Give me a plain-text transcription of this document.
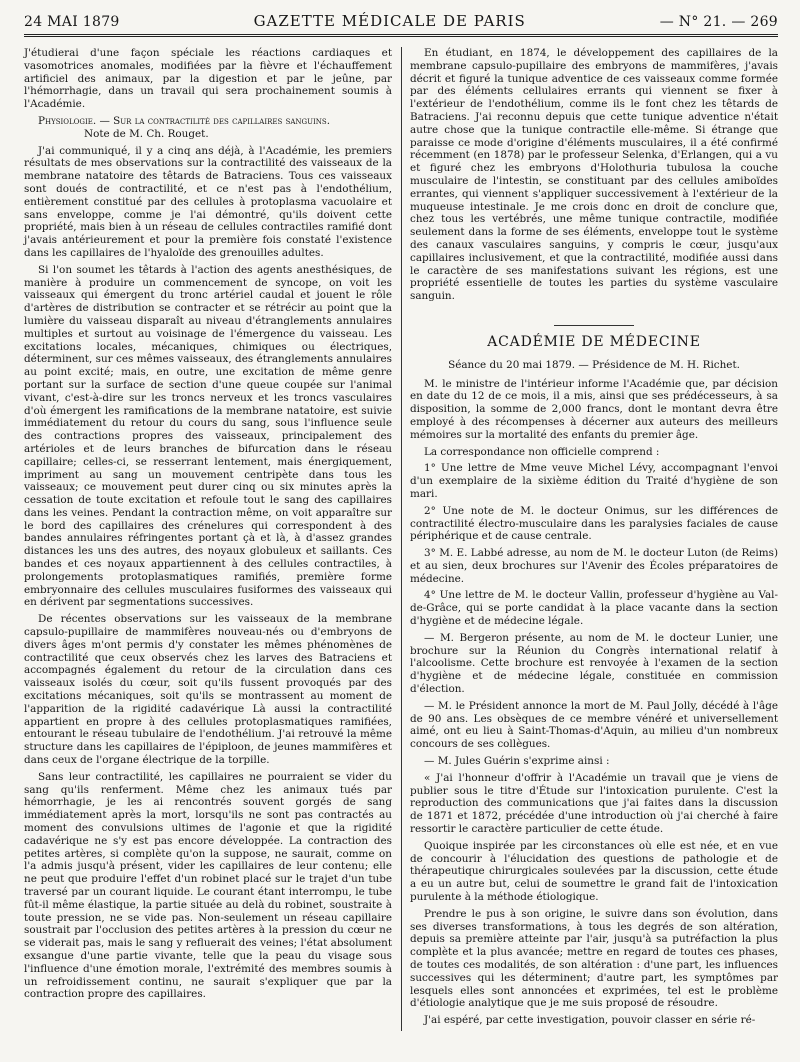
24 MAI 1879	GAZETTE MÉDICALE DE PARIS	— N° 21. — 269

J'étudierai d'une façon spéciale les réactions cardiaques et vasomotrices anomales, modifiées par la fièvre et l'échauffement artificiel des animaux, par la digestion et par le jeûne, par l'hémorrhagie, dans un travail qui sera prochainement soumis à l'Académie.

Physiologie. — Sur la contractilité des capillaires sanguins.
Note de M. Ch. Rouget.

J'ai communiqué, il y a cinq ans déjà, à l'Académie, les premiers résultats de mes observations sur la contractilité des vaisseaux de la membrane natatoire des têtards de Batraciens. Tous ces vaisseaux sont doués de contractilité, et ce n'est pas à l'endothélium, entièrement constitué par des cellules à protoplasma vacuolaire et sans enveloppe, comme je l'ai démontré, qu'ils doivent cette propriété, mais bien à un réseau de cellules contractiles ramifié dont j'avais antérieurement et pour la première fois constaté l'existence dans les capillaires de l'hyaloïde des grenouilles adultes.

Si l'on soumet les têtards à l'action des agents anesthésiques, de manière à produire un commencement de syncope, on voit les vaisseaux qui émergent du tronc artériel caudal et jouent le rôle d'artères de distribution se contracter et se rétrécir au point que la lumière du vaisseau disparaît au niveau d'étranglements annulaires multiples et surtout au voisinage de l'émergence du vaisseau. Les excitations locales, mécaniques, chimiques ou électriques, déterminent, sur ces mêmes vaisseaux, des étranglements annulaires au point excité; mais, en outre, une excitation de même genre portant sur la surface de section d'une queue coupée sur l'animal vivant, c'est-à-dire sur les troncs nerveux et les troncs vasculaires d'où émergent les ramifications de la membrane natatoire, est suivie immédiatement du retour du cours du sang, sous l'influence seule des contractions propres des vaisseaux, principalement des artérioles et de leurs branches de bifurcation dans le réseau capillaire; celles-ci, se resserrant lentement, mais énergiquement, impriment au sang un mouvement centripète dans tous les vaisseaux; ce mouvement peut durer cinq ou six minutes après la cessation de toute excitation et refoule tout le sang des capillaires dans les veines. Pendant la contraction même, on voit apparaître sur le bord des capillaires des crénelures qui correspondent à des bandes annulaires réfringentes portant çà et là, à d'assez grandes distances les uns des autres, des noyaux globuleux et saillants. Ces bandes et ces noyaux appartiennent à des cellules contractiles, à prolongements protoplasmatiques ramifiés, première forme embryonnaire des cellules musculaires fusiformes des vaisseaux qui en dérivent par segmentations successives.

De récentes observations sur les vaisseaux de la membrane capsulo-pupillaire de mammifères nouveau-nés ou d'embryons de divers âges m'ont permis d'y constater les mêmes phénomènes de contractilité que ceux observés chez les larves des Batraciens et accompagnés également du retour de la circulation dans ces vaisseaux isolés du cœur, soit qu'ils fussent provoqués par des excitations mécaniques, soit qu'ils se montrassent au moment de l'apparition de la rigidité cadavérique Là aussi la contractilité appartient en propre à des cellules protoplasmatiques ramifiées, entourant le réseau tubulaire de l'endothélium. J'ai retrouvé la même structure dans les capillaires de l'épiploon, de jeunes mammifères et dans ceux de l'organe électrique de la torpille.

Sans leur contractilité, les capillaires ne pourraient se vider du sang qu'ils renferment. Même chez les animaux tués par hémorrhagie, je les ai rencontrés souvent gorgés de sang immédiatement après la mort, lorsqu'ils ne sont pas contractés au moment des convulsions ultimes de l'agonie et que la rigidité cadavérique ne s'y est pas encore développée. La contraction des petites artères, si complète qu'on la suppose, ne saurait, comme on l'a admis jusqu'à présent, vider les capillaires de leur contenu; elle ne peut que produire l'effet d'un robinet placé sur le trajet d'un tube traversé par un courant liquide. Le courant étant interrompu, le tube fût-il même élastique, la partie située au delà du robinet, soustraite à toute pression, ne se vide pas. Non-seulement un réseau capillaire soustrait par l'occlusion des petites artères à la pression du cœur ne se viderait pas, mais le sang y refluerait des veines; l'état absolument exsangue d'une partie vivante, telle que la peau du visage sous l'influence d'une émotion morale, l'extrémité des membres soumis à un refroidissement continu, ne saurait s'expliquer que par la contraction propre des capillaires.

En étudiant, en 1874, le développement des capillaires de la membrane capsulo-pupillaire des embryons de mammifères, j'avais décrit et figuré la tunique adventice de ces vaisseaux comme formée par des éléments cellulaires errants qui viennent se fixer à l'extérieur de l'endothélium, comme ils le font chez les têtards de Batraciens. J'ai reconnu depuis que cette tunique adventice n'était autre chose que la tunique contractile elle-même. Si étrange que paraisse ce mode d'origine d'éléments musculaires, il a été confirmé récemment (en 1878) par le professeur Selenka, d'Erlangen, qui a vu et figuré chez les embryons d'Holothuria tubulosa la couche musculaire de l'intestin, se constituant par des cellules amiboïdes errantes, qui viennent s'appliquer successivement à l'extérieur de la muqueuse intestinale. Je me crois donc en droit de conclure que, chez tous les vertébrés, une même tunique contractile, modifiée seulement dans la forme de ses éléments, enveloppe tout le système des canaux vasculaires sanguins, y compris le cœur, jusqu'aux capillaires inclusivement, et que la contractilité, modifiée aussi dans le caractère de ses manifestations suivant les régions, est une propriété essentielle de toutes les parties du système vasculaire sanguin.

ACADÉMIE DE MÉDECINE
Séance du 20 mai 1879. — Présidence de M. H. Richet.

M. le ministre de l'intérieur informe l'Académie que, par décision en date du 12 de ce mois, il a mis, ainsi que ses prédécesseurs, à sa disposition, la somme de 2,000 francs, dont le montant devra être employé à des récompenses à décerner aux auteurs des meilleurs mémoires sur la mortalité des enfants du premier âge.

La correspondance non officielle comprend :

1° Une lettre de Mme veuve Michel Lévy, accompagnant l'envoi d'un exemplaire de la sixième édition du Traité d'hygiène de son mari.

2° Une note de M. le docteur Onimus, sur les différences de contractilité électro-musculaire dans les paralysies faciales de cause périphérique et de cause centrale.

3° M. E. Labbé adresse, au nom de M. le docteur Luton (de Reims) et au sien, deux brochures sur l'Avenir des Écoles préparatoires de médecine.

4° Une lettre de M. le docteur Vallin, professeur d'hygiène au Val-de-Grâce, qui se porte candidat à la place vacante dans la section d'hygiène et de médecine légale.

— M. Bergeron présente, au nom de M. le docteur Lunier, une brochure sur la Réunion du Congrès international relatif à l'alcoolisme. Cette brochure est renvoyée à l'examen de la section d'hygiène et de médecine légale, constituée en commission d'élection.

— M. le Président annonce la mort de M. Paul Jolly, décédé à l'âge de 90 ans. Les obsèques de ce membre vénéré et universellement aimé, ont eu lieu à Saint-Thomas-d'Aquin, au milieu d'un nombreux concours de ses collègues.

— M. Jules Guérin s'exprime ainsi :

« J'ai l'honneur d'offrir à l'Académie un travail que je viens de publier sous le titre d'Étude sur l'intoxication purulente. C'est la reproduction des communications que j'ai faites dans la discussion de 1871 et 1872, précédée d'une introduction où j'ai cherché à faire ressortir le caractère particulier de cette étude.

Quoique inspirée par les circonstances où elle est née, et en vue de concourir à l'élucidation des questions de pathologie et de thérapeutique chirurgicales soulevées par la discussion, cette étude a eu un autre but, celui de soumettre le grand fait de l'intoxication purulente à la méthode étiologique.

Prendre le pus à son origine, le suivre dans son évolution, dans ses diverses transformations, à tous les degrés de son altération, depuis sa première atteinte par l'air, jusqu'à sa putréfaction la plus complète et la plus avancée; mettre en regard de toutes ces phases, de toutes ces modalités, de son altération : d'une part, les influences successives qui les déterminent; d'autre part, les symptômes par lesquels elles sont annoncées et exprimées, tel est le problème d'étiologie analytique que je me suis proposé de résoudre.

J'ai espéré, par cette investigation, pouvoir classer en série ré-
